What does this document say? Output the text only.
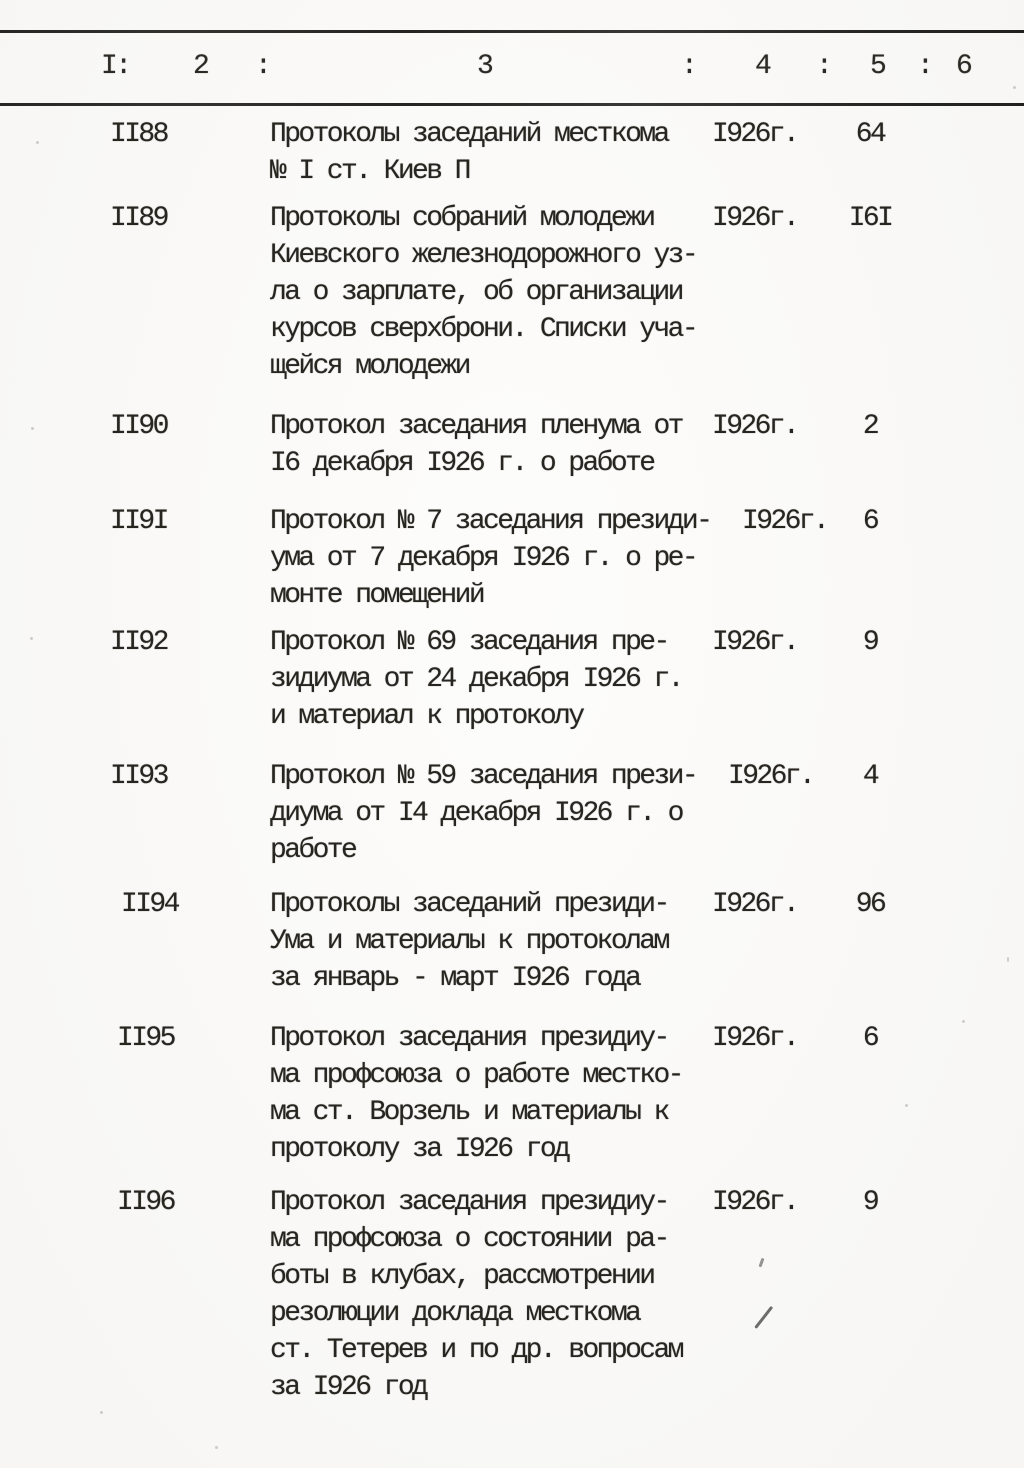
I: 2 :	3	: 4 : 5 : 6
II88	Протоколы заседаний месткома
№ I ст. Киев П
I926г.	64
II89	Протоколы собраний молодежи
Киевского железнодорожного уз-
ла о зарплате, об организации
курсов сверхброни. Списки уча-
щейся молодежи
I926г.	I6I
II90	Протокол заседания пленума от
I6 декабря I926 г. о работе
I926г.	2
II9I	Протокол № 7 заседания президи-
ума от 7 декабря I926 г. о ре-
монте помещений
I926г.	6
II92	Протокол № 69 заседания пре-
зидиума от 24 декабря I926 г.
и материал к протоколу
I926г.	9
II93	Протокол № 59 заседания прези-
диума от I4 декабря I926 г. о
работе
I926г.	4
II94	Протоколы заседаний президи-
Ума и материалы к протоколам
за январь - март I926 года
I926г.	96
II95	Протокол заседания президиу-
ма профсоюза о работе местко-
ма ст. Ворзель и материалы к
протоколу за I926 год
I926г.	6
II96	Протокол заседания президиу-
ма профсоюза о состоянии ра-
боты в клубах, рассмотрении
резолюции доклада месткома
ст. Тетерев и по др. вопросам
за I926 год
I926г.	9
